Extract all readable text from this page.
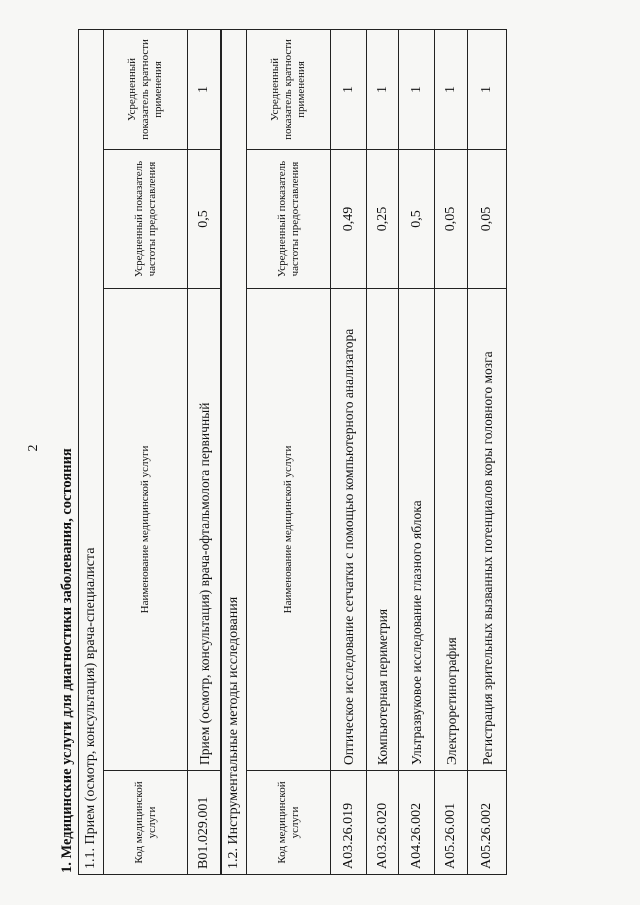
2
1. Медицинские услуги для диагностики заболевания, состояния 1.1. Прием (осмотр, консультация) врача-специалиста			
Код медицинской услуги	Наименование медицинской услуги	Усредненный показатель частоты предоставления	Усредненный показатель кратности применения
B01.029.001	Прием (осмотр, консультация) врача-офтальмолога первичный	0,5	1
1.2. Инструментальные методы исследования			
Код медицинской услуги	Наименование медицинской услуги	Усредненный показатель частоты предоставления	Усредненный показатель кратности применения
A03.26.019	Оптическое исследование сетчатки с помощью компьютерного анализатора	0,49	1
A03.26.020	Компьютерная периметрия	0,25	1
A04.26.002	Ультразвуковое исследование глазного яблока	0,5	1
A05.26.001	Электроретинография	0,05	1
A05.26.002	Регистрация зрительных вызванных потенциалов коры головного мозга	0,05	1
